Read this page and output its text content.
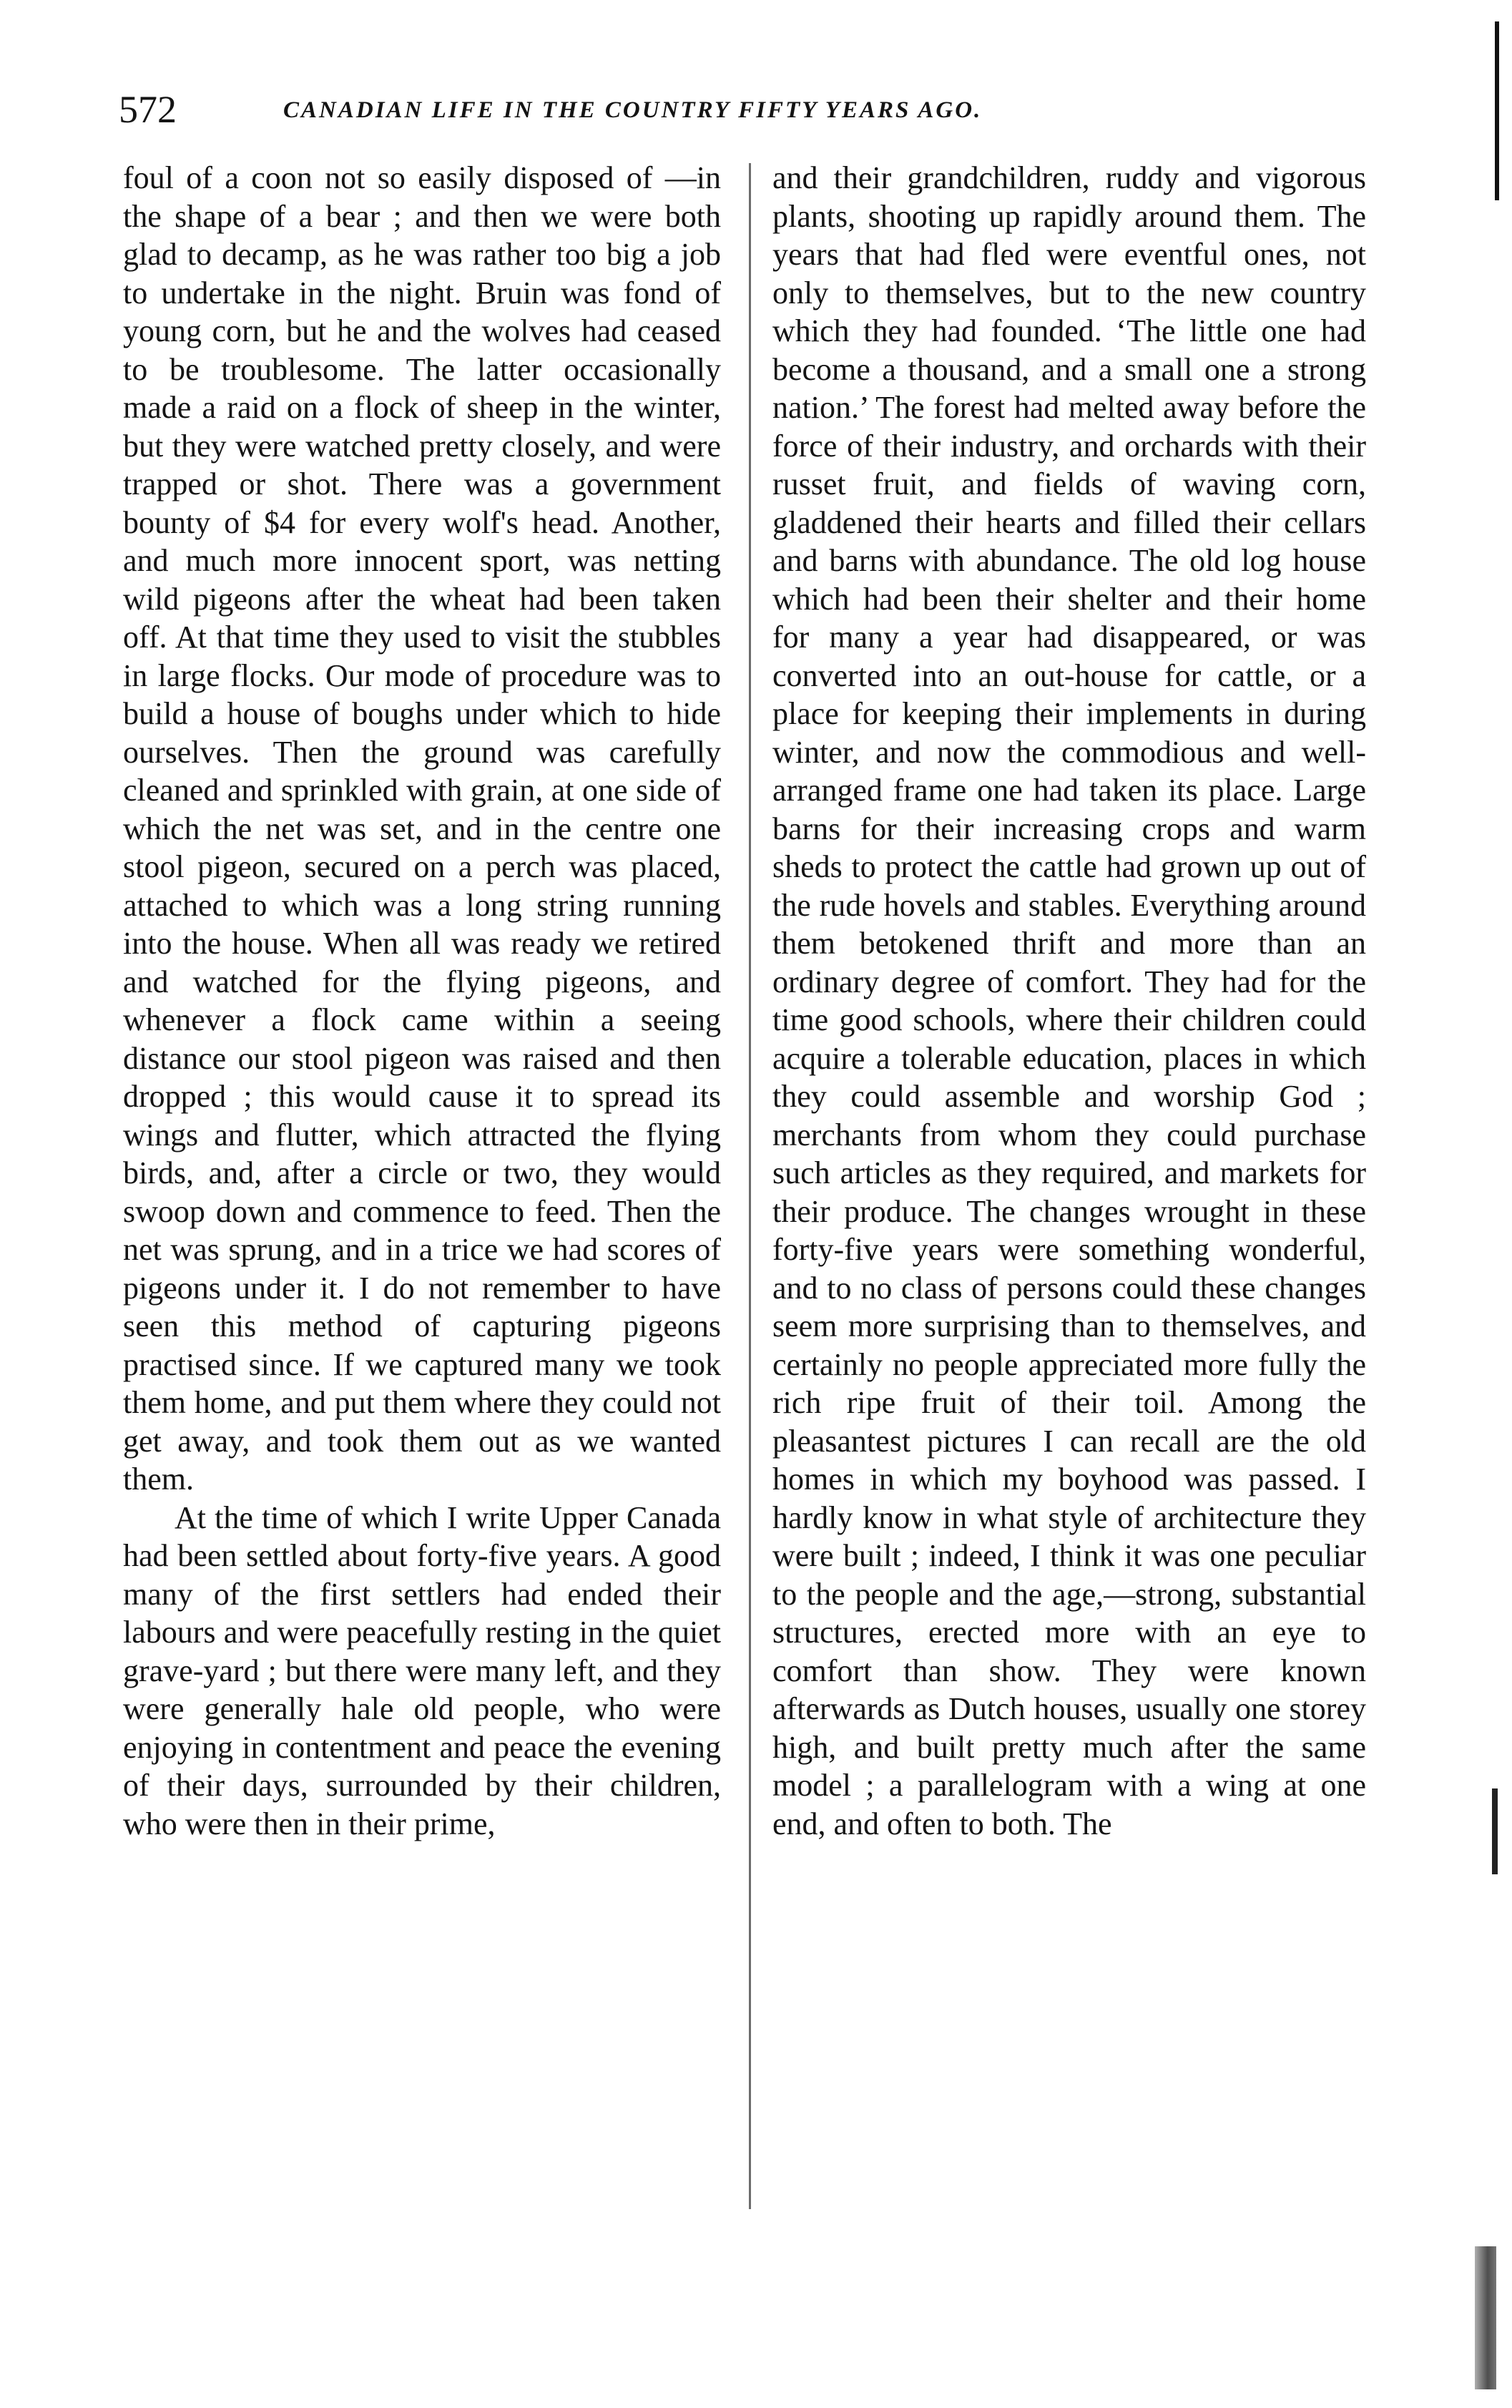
572	CANADIAN LIFE IN THE COUNTRY FIFTY YEARS AGO.

foul of a coon not so easily disposed of —in the shape of a bear ; and then we were both glad to decamp, as he was rather too big a job to undertake in the night. Bruin was fond of young corn, but he and the wolves had ceased to be troublesome. The latter occasionally made a raid on a flock of sheep in the winter, but they were watched pretty closely, and were trapped or shot. There was a government bounty of $4 for every wolf's head. Another, and much more innocent sport, was netting wild pigeons after the wheat had been taken off. At that time they used to visit the stubbles in large flocks. Our mode of procedure was to build a house of boughs under which to hide ourselves. Then the ground was carefully cleaned and sprinkled with grain, at one side of which the net was set, and in the centre one stool pigeon, secured on a perch was placed, attached to which was a long string running into the house. When all was ready we retired and watched for the flying pigeons, and whenever a flock came within a seeing distance our stool pigeon was raised and then dropped ; this would cause it to spread its wings and flutter, which attracted the flying birds, and, after a circle or two, they would swoop down and commence to feed. Then the net was sprung, and in a trice we had scores of pigeons under it. I do not remember to have seen this method of capturing pigeons practised since. If we captured many we took them home, and put them where they could not get away, and took them out as we wanted them.

At the time of which I write Upper Canada had been settled about forty-five years. A good many of the first settlers had ended their labours and were peacefully resting in the quiet grave-yard ; but there were many left, and they were generally hale old people, who were enjoying in contentment and peace the evening of their days, surrounded by their children, who were then in their prime,

and their grandchildren, ruddy and vigorous plants, shooting up rapidly around them. The years that had fled were eventful ones, not only to themselves, but to the new country which they had founded. ‘The little one had become a thousand, and a small one a strong nation.’ The forest had melted away before the force of their industry, and orchards with their russet fruit, and fields of waving corn, gladdened their hearts and filled their cellars and barns with abundance. The old log house which had been their shelter and their home for many a year had disappeared, or was converted into an out-house for cattle, or a place for keeping their implements in during winter, and now the commodious and well-arranged frame one had taken its place. Large barns for their increasing crops and warm sheds to protect the cattle had grown up out of the rude hovels and stables. Everything around them betokened thrift and more than an ordinary degree of comfort. They had for the time good schools, where their children could acquire a tolerable education, places in which they could assemble and worship God ; merchants from whom they could purchase such articles as they required, and markets for their produce. The changes wrought in these forty-five years were something wonderful, and to no class of persons could these changes seem more surprising than to themselves, and certainly no people appreciated more fully the rich ripe fruit of their toil. Among the pleasantest pictures I can recall are the old homes in which my boyhood was passed. I hardly know in what style of architecture they were built ; indeed, I think it was one peculiar to the people and the age,—strong, substantial structures, erected more with an eye to comfort than show. They were known afterwards as Dutch houses, usually one storey high, and built pretty much after the same model ; a parallelogram with a wing at one end, and often to both. The
